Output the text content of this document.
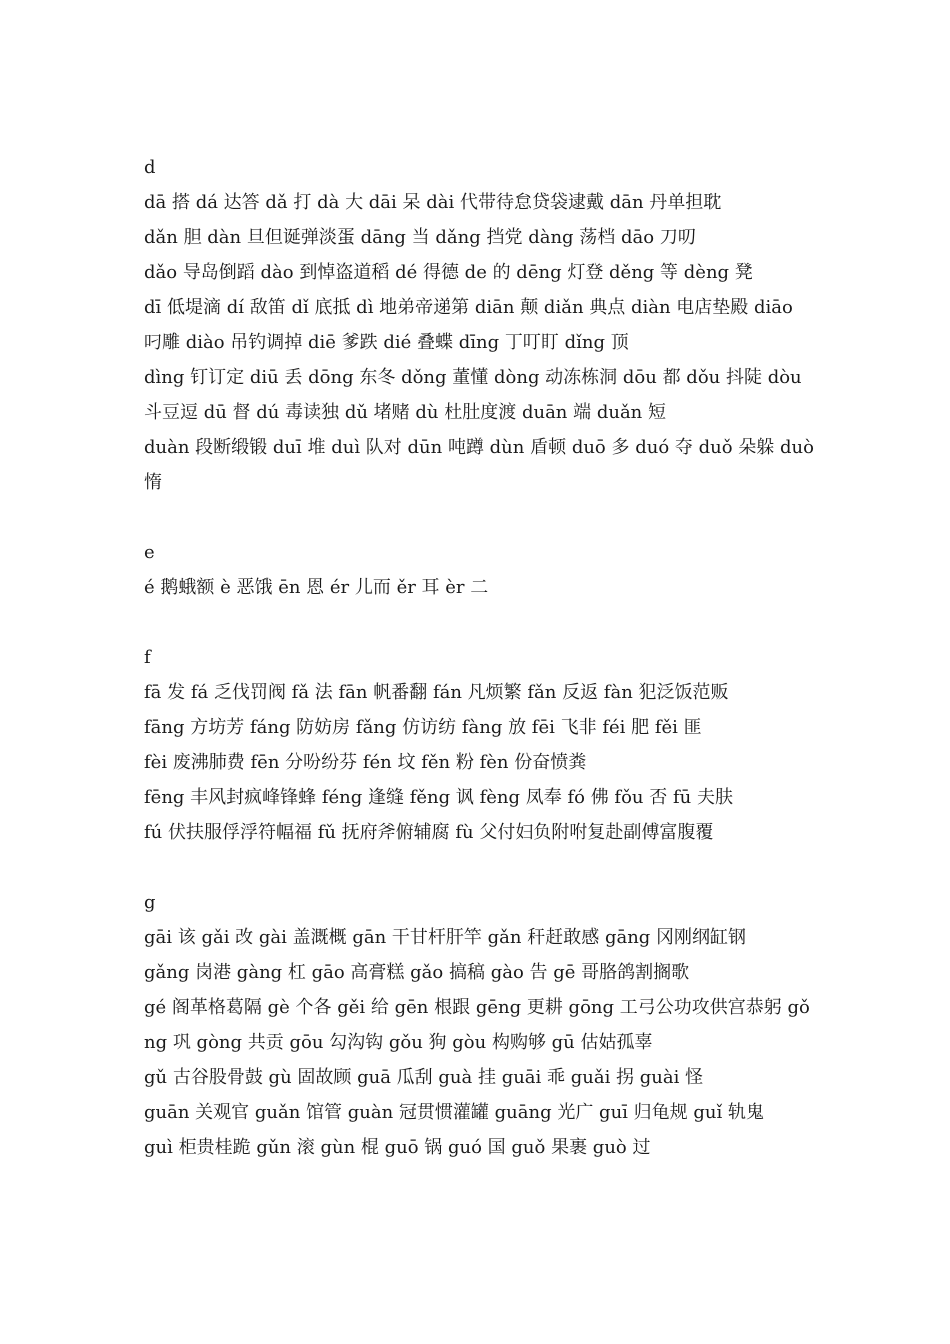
d

dā 搭 dá 达答 dǎ 打 dà 大 dāi 呆 dài 代带待怠贷袋逮戴 dān 丹单担耽

dǎn 胆 dàn 旦但诞弹淡蛋 dāng 当 dǎng 挡党 dàng 荡档 dāo 刀叨

dǎo 导岛倒蹈 dào 到悼盗道稻 dé 得德 de 的 dēng 灯登 děng 等 dèng 凳

dī 低堤滴 dí 敌笛 dǐ 底抵 dì 地弟帝递第 diān 颠 diǎn 典点 diàn 电店垫殿 diāo 叼雕 diào 吊钓调掉 diē 爹跌 dié 叠蝶 dīng 丁叮盯 dǐng 顶

dìng 钉订定 diū 丢 dōng 东冬 dǒng 董懂 dòng 动冻栋洞 dōu 都 dǒu 抖陡 dòu 斗豆逗 dū 督 dú 毒读独 dǔ 堵赌 dù 杜肚度渡 duān 端 duǎn 短

duàn 段断缎锻 duī 堆 duì 队对 dūn 吨蹲 dùn 盾顿 duō 多 duó 夺 duǒ 朵躲 duò 惰

e

é 鹅蛾额 è 恶饿 ēn 恩 ér 儿而 ěr 耳 èr 二

f

fā 发 fá 乏伐罚阀 fǎ 法 fān 帆番翻 fán 凡烦繁 fǎn 反返 fàn 犯泛饭范贩

fāng 方坊芳 fáng 防妨房 fǎng 仿访纺 fàng 放 fēi 飞非 féi 肥 fěi 匪

fèi 废沸肺费 fēn 分吩纷芬 fén 坟 fěn 粉 fèn 份奋愤粪

fēng 丰风封疯峰锋蜂 féng 逢缝 fěng 讽 fèng 凤奉 fó 佛 fǒu 否 fū 夫肤

fú 伏扶服俘浮符幅福 fǔ 抚府斧俯辅腐 fù 父付妇负附咐复赴副傅富腹覆

g

gāi 该 gǎi 改 gài 盖溉概 gān 干甘杆肝竿 gǎn 秆赶敢感 gāng 冈刚纲缸钢

gǎng 岗港 gàng 杠 gāo 高膏糕 gǎo 搞稿 gào 告 gē 哥胳鸽割搁歌

gé 阁革格葛隔 gè 个各 gěi 给 gēn 根跟 gēng 更耕 gōng 工弓公功攻供宫恭躬 gǒng 巩 gòng 共贡 gōu 勾沟钩 gǒu 狗 gòu 构购够 gū 估姑孤辜

gǔ 古谷股骨鼓 gù 固故顾 guā 瓜刮 guà 挂 guāi 乖 guǎi 拐 guài 怪

guān 关观官 guǎn 馆管 guàn 冠贯惯灌罐 guāng 光广 guī 归龟规 guǐ 轨鬼

guì 柜贵桂跪 gǔn 滚 gùn 棍 guō 锅 guó 国 guǒ 果裹 guò 过
